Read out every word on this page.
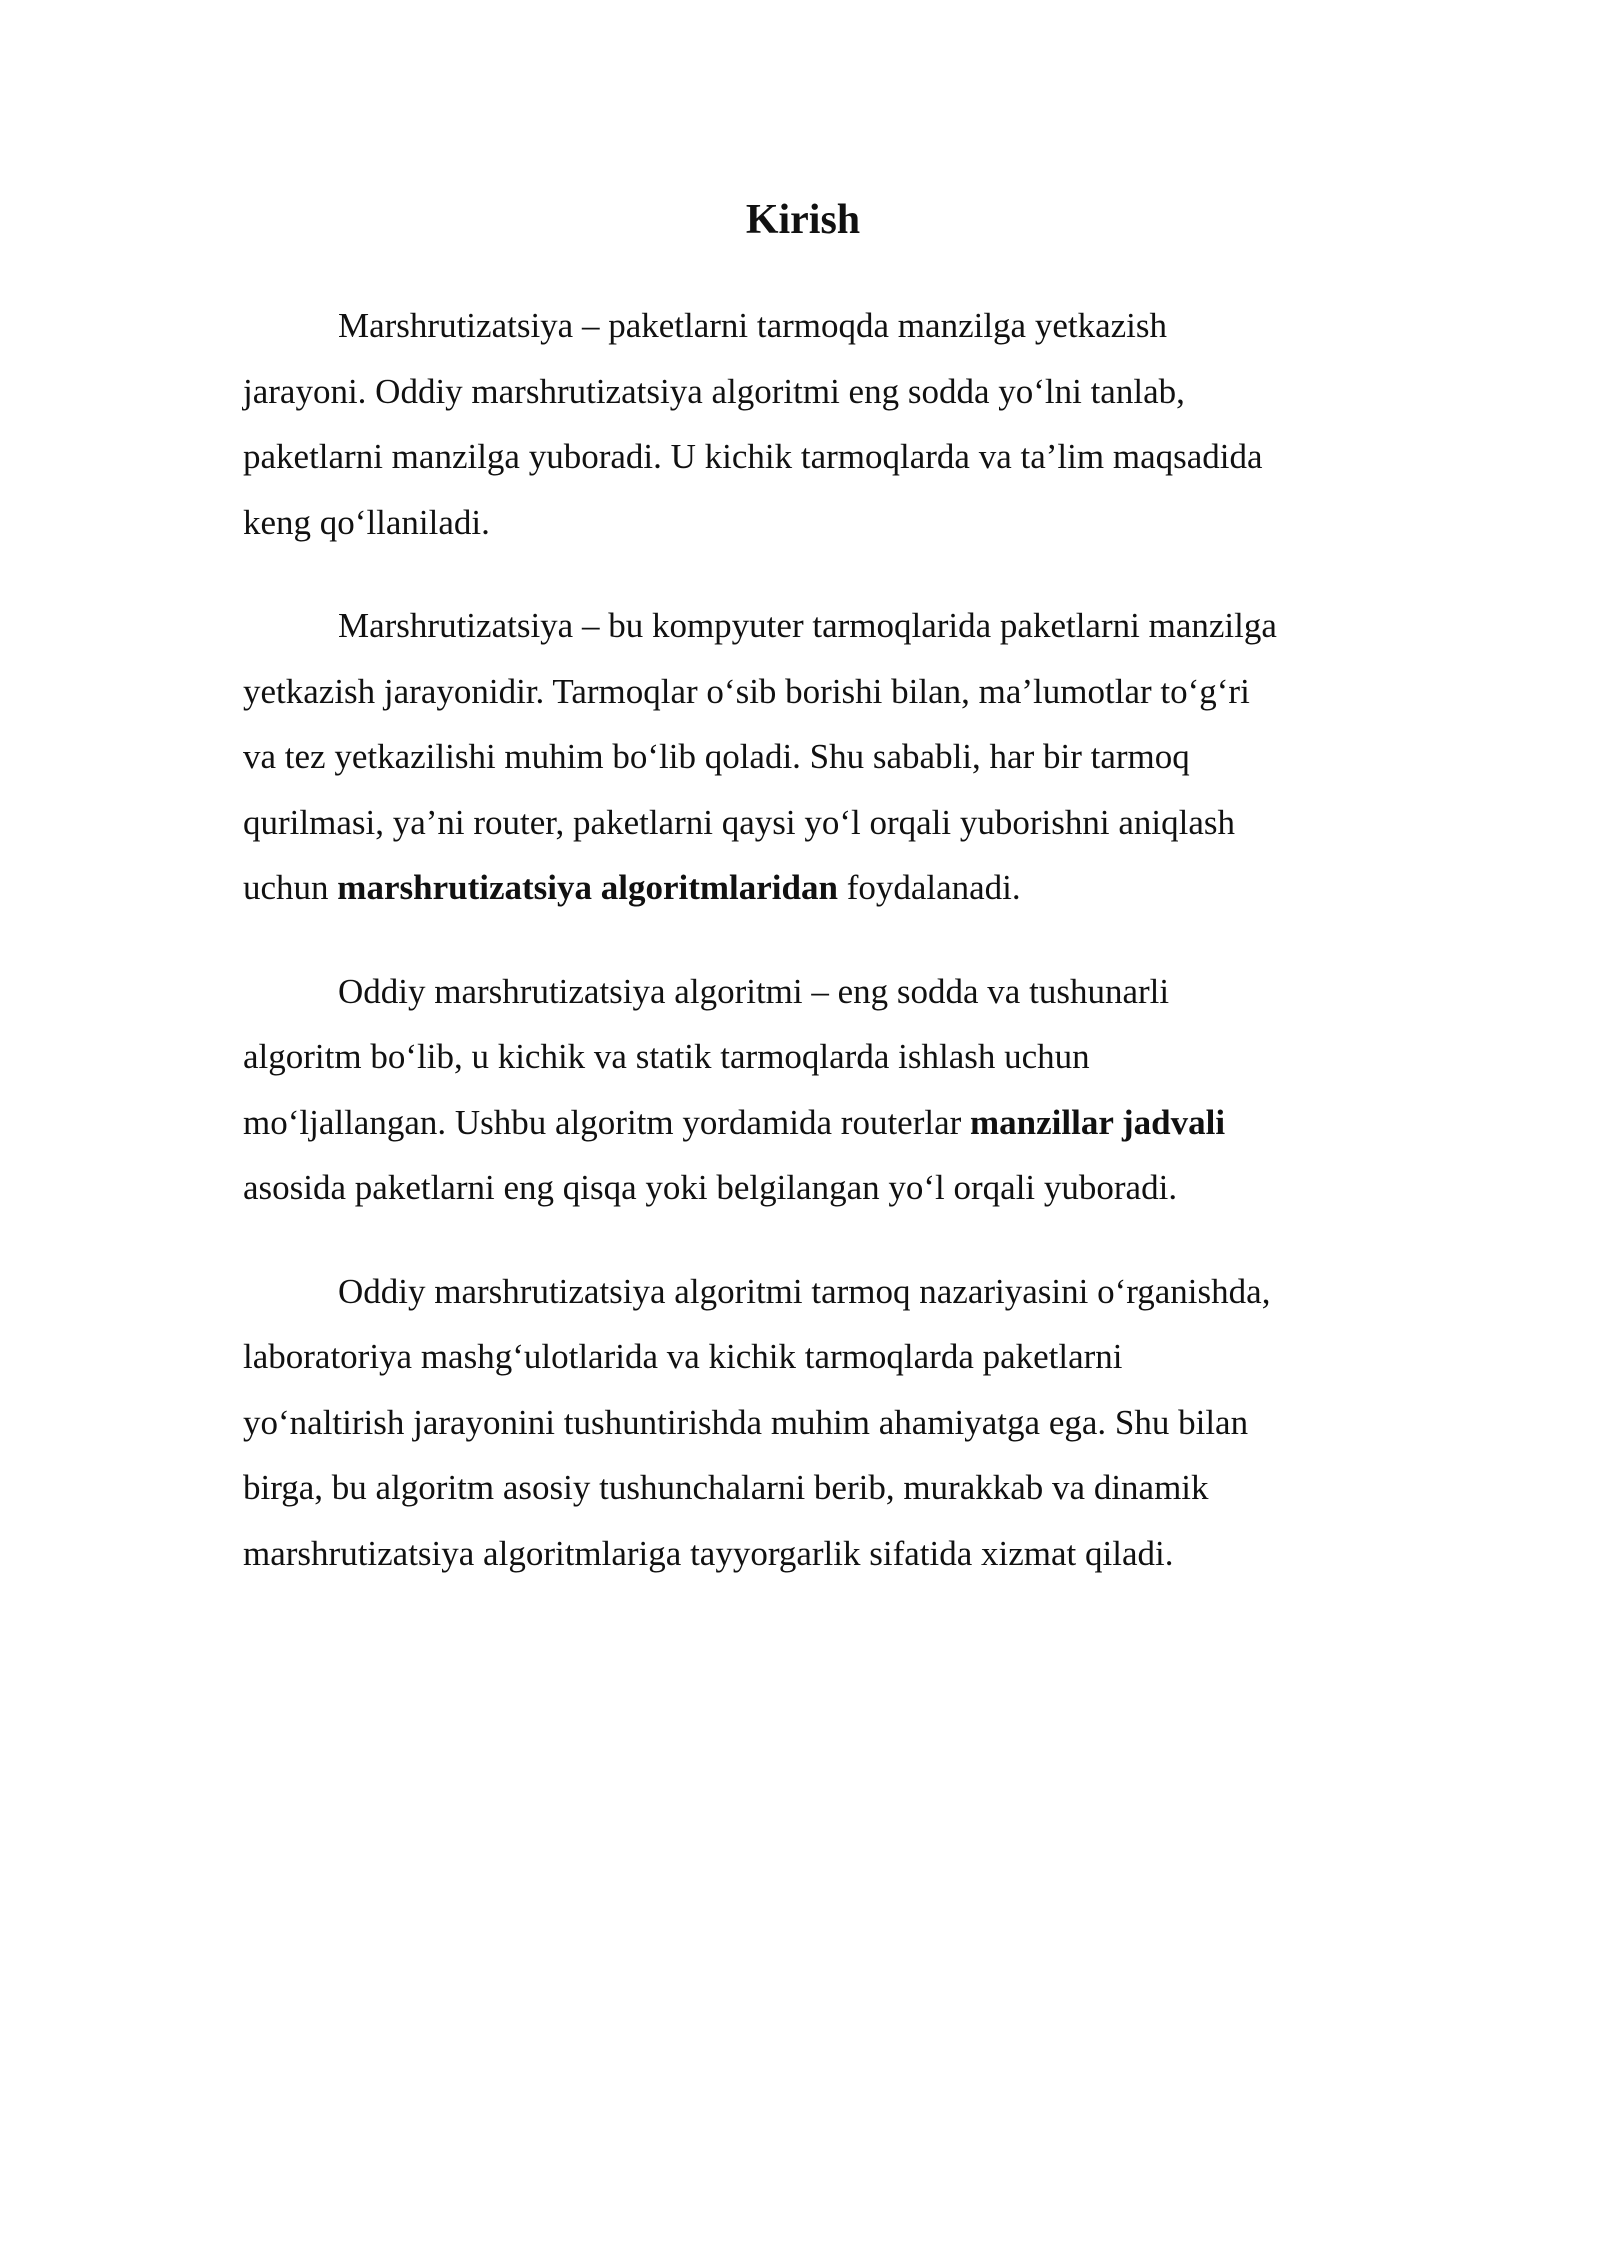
Kirish

Marshrutizatsiya – paketlarni tarmoqda manzilga yetkazish
jarayoni. Oddiy marshrutizatsiya algoritmi eng sodda yo‘lni tanlab,
paketlarni manzilga yuboradi. U kichik tarmoqlarda va ta’lim maqsadida
keng qo‘llaniladi.

Marshrutizatsiya – bu kompyuter tarmoqlarida paketlarni manzilga
yetkazish jarayonidir. Tarmoqlar o‘sib borishi bilan, ma’lumotlar to‘g‘ri
va tez yetkazilishi muhim bo‘lib qoladi. Shu sababli, har bir tarmoq
qurilmasi, ya’ni router, paketlarni qaysi yo‘l orqali yuborishni aniqlash
uchun marshrutizatsiya algoritmlaridan foydalanadi.

Oddiy marshrutizatsiya algoritmi – eng sodda va tushunarli
algoritm bo‘lib, u kichik va statik tarmoqlarda ishlash uchun
mo‘ljallangan. Ushbu algoritm yordamida routerlar manzillar jadvali
asosida paketlarni eng qisqa yoki belgilangan yo‘l orqali yuboradi.

Oddiy marshrutizatsiya algoritmi tarmoq nazariyasini o‘rganishda,
laboratoriya mashg‘ulotlarida va kichik tarmoqlarda paketlarni
yo‘naltirish jarayonini tushuntirishda muhim ahamiyatga ega. Shu bilan
birga, bu algoritm asosiy tushunchalarni berib, murakkab va dinamik
marshrutizatsiya algoritmlariga tayyorgarlik sifatida xizmat qiladi.
